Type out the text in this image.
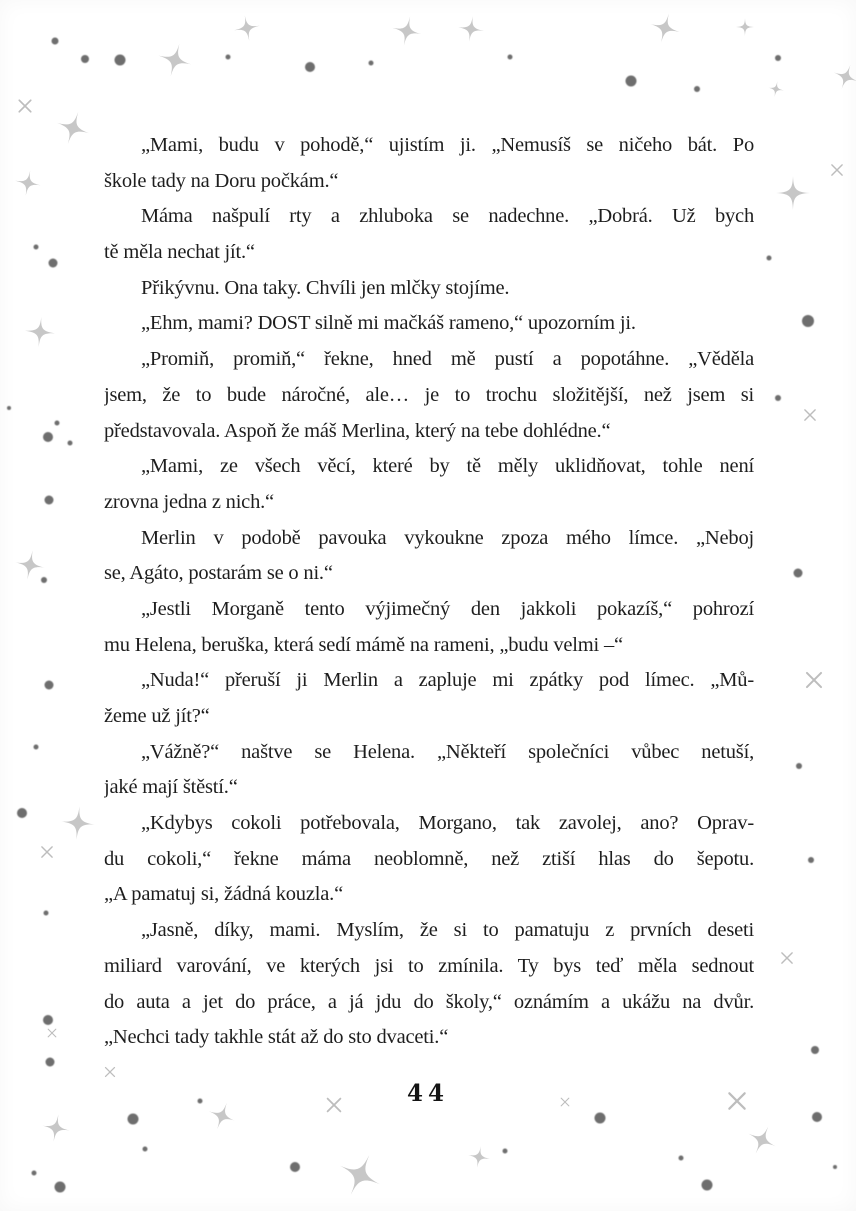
„Mami, budu v pohodě,“ ujistím ji. „Nemusíš se ničeho bát. Po
škole tady na Doru počkám.“
Máma našpulí rty a zhluboka se nadechne. „Dobrá. Už bych
tě měla nechat jít.“
Přikývnu. Ona taky. Chvíli jen mlčky stojíme.
„Ehm, mami? DOST silně mi mačkáš rameno,“ upozorním ji.
„Promiň, promiň,“ řekne, hned mě pustí a popotáhne. „Věděla
jsem, že to bude náročné, ale… je to trochu složitější, než jsem si
představovala. Aspoň že máš Merlina, který na tebe dohlédne.“
„Mami, ze všech věcí, které by tě měly uklidňovat, tohle není
zrovna jedna z nich.“
Merlin v podobě pavouka vykoukne zpoza mého límce. „Neboj
se, Agáto, postarám se o ni.“
„Jestli Morganě tento výjimečný den jakkoli pokazíš,“ pohrozí
mu Helena, beruška, která sedí mámě na rameni, „budu velmi –“
„Nuda!“ přeruší ji Merlin a zapluje mi zpátky pod límec. „Mů-
žeme už jít?“
„Vážně?“ naštve se Helena. „Někteří společníci vůbec netuší,
jaké mají štěstí.“
„Kdybys cokoli potřebovala, Morgano, tak zavolej, ano? Oprav-
du cokoli,“ řekne máma neoblomně, než ztiší hlas do šepotu.
„A pamatuj si, žádná kouzla.“
„Jasně, díky, mami. Myslím, že si to pamatuju z prvních deseti
miliard varování, ve kterých jsi to zmínila. Ty bys teď měla sednout
do auta a jet do práce, a já jdu do školy,“ oznámím a ukážu na dvůr.
„Nechci tady takhle stát až do sto dvaceti.“
44
